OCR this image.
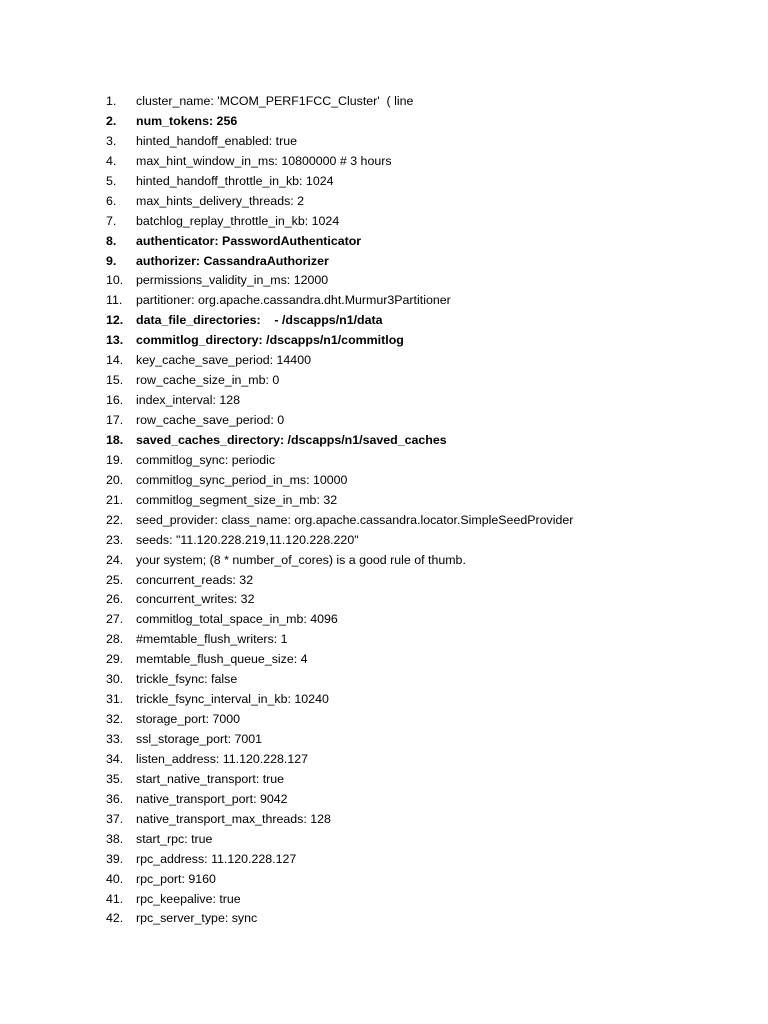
1.	cluster_name: 'MCOM_PERF1FCC_Cluster'  ( line
2.	num_tokens: 256
3.	hinted_handoff_enabled: true
4.	max_hint_window_in_ms: 10800000 # 3 hours
5.	hinted_handoff_throttle_in_kb: 1024
6.	max_hints_delivery_threads: 2
7.	batchlog_replay_throttle_in_kb: 1024
8.	authenticator: PasswordAuthenticator
9.	authorizer: CassandraAuthorizer
10.	permissions_validity_in_ms: 12000
11.	partitioner: org.apache.cassandra.dht.Murmur3Partitioner
12.	data_file_directories:    - /dscapps/n1/data
13.	commitlog_directory: /dscapps/n1/commitlog
14.	key_cache_save_period: 14400
15.	row_cache_size_in_mb: 0
16.	index_interval: 128
17.	row_cache_save_period: 0
18.	saved_caches_directory: /dscapps/n1/saved_caches
19.	commitlog_sync: periodic
20.	commitlog_sync_period_in_ms: 10000
21.	commitlog_segment_size_in_mb: 32
22.	seed_provider: class_name: org.apache.cassandra.locator.SimpleSeedProvider
23.	seeds: "11.120.228.219,11.120.228.220"
24.	your system; (8 * number_of_cores) is a good rule of thumb.
25.	concurrent_reads: 32
26.	concurrent_writes: 32
27.	commitlog_total_space_in_mb: 4096
28.	#memtable_flush_writers: 1
29.	memtable_flush_queue_size: 4
30.	trickle_fsync: false
31.	trickle_fsync_interval_in_kb: 10240
32.	storage_port: 7000
33.	ssl_storage_port: 7001
34.	listen_address: 11.120.228.127
35.	start_native_transport: true
36.	native_transport_port: 9042
37.	native_transport_max_threads: 128
38.	start_rpc: true
39.	rpc_address: 11.120.228.127
40.	rpc_port: 9160
41.	rpc_keepalive: true
42.	rpc_server_type: sync
